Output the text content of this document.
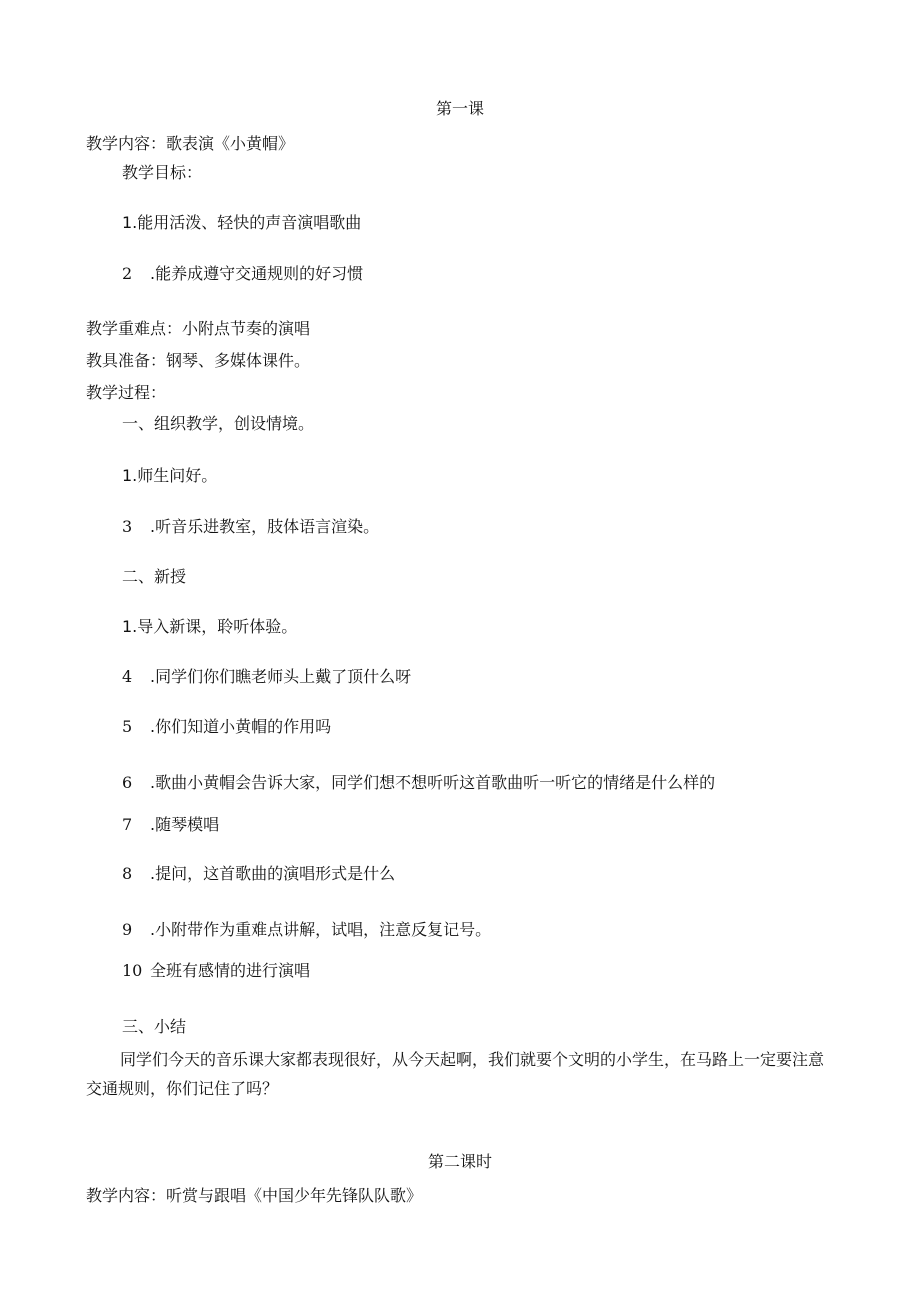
第一课
教学内容：歌表演《小黄帽》
教学目标：
1.能用活泼、轻快的声音演唱歌曲
2 .能养成遵守交通规则的好习惯
教学重难点：小附点节奏的演唱
教具准备：钢琴、多媒体课件。
教学过程：
一、组织教学，创设情境。
1.师生问好。
3 .听音乐进教室，肢体语言渲染。
二、新授
1.导入新课，聆听体验。
4 .同学们你们瞧老师头上戴了顶什么呀
5 .你们知道小黄帽的作用吗
6 .歌曲小黄帽会告诉大家，同学们想不想听听这首歌曲听一听它的情绪是什么样的
7 .随琴模唱
8 .提问，这首歌曲的演唱形式是什么
9 .小附带作为重难点讲解，试唱，注意反复记号。
10 全班有感情的进行演唱
三、小结
同学们今天的音乐课大家都表现很好，从今天起啊，我们就要个文明的小学生，在马路上一定要注意交通规则，你们记住了吗？
第二课时
教学内容：听赏与跟唱《中国少年先锋队队歌》
